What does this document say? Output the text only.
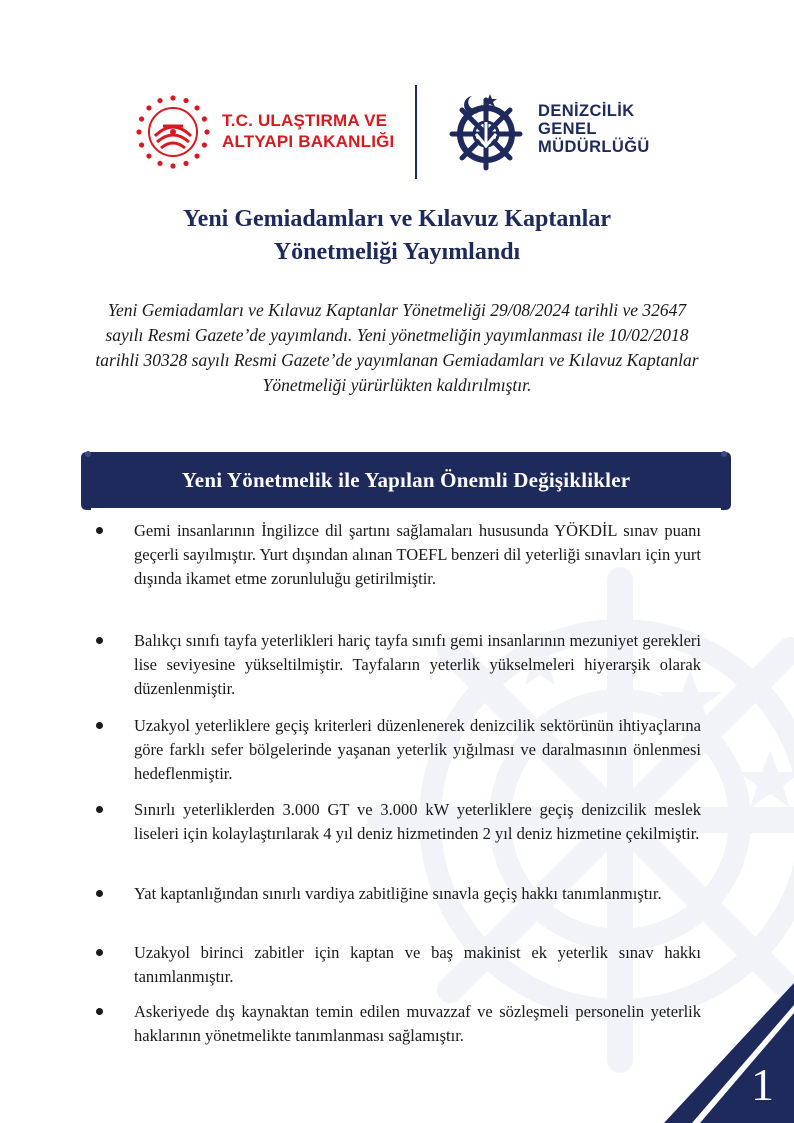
T.C. ULAŞTIRMA VE
ALTYAPI BAKANLIĞI
DENİZCİLİK
GENEL
MÜDÜRLÜĞÜ
Yeni Gemiadamları ve Kılavuz Kaptanlar
Yönetmeliği Yayımlandı
Yeni Gemiadamları ve Kılavuz Kaptanlar Yönetmeliği 29/08/2024 tarihli ve 32647 sayılı Resmi Gazete’de yayımlandı. Yeni yönetmeliğin yayımlanması ile 10/02/2018 tarihli 30328 sayılı Resmi Gazete’de yayımlanan Gemiadamları ve Kılavuz Kaptanlar Yönetmeliği yürürlükten kaldırılmıştır.
Yeni Yönetmelik ile Yapılan Önemli Değişiklikler
Gemi insanlarının İngilizce dil şartını sağlamaları hususunda YÖKDİL sınav puanı geçerli sayılmıştır. Yurt dışından alınan TOEFL benzeri dil yeterliği sınavları için yurt dışında ikamet etme zorunluluğu getirilmiştir.
Balıkçı sınıfı tayfa yeterlikleri hariç tayfa sınıfı gemi insanlarının mezuniyet gerekleri lise seviyesine yükseltilmiştir. Tayfaların yeterlik yükselmeleri hiyerarşik olarak düzenlenmiştir.
Uzakyol yeterliklere geçiş kriterleri düzenlenerek denizcilik sektörünün ihtiyaçlarına göre farklı sefer bölgelerinde yaşanan yeterlik yığılması ve daralmasının önlenmesi hedeflenmiştir.
Sınırlı yeterliklerden 3.000 GT ve 3.000 kW yeterliklere geçiş denizcilik meslek liseleri için kolaylaştırılarak 4 yıl deniz hizmetinden 2 yıl deniz hizmetine çekilmiştir.
Yat kaptanlığından sınırlı vardiya zabitliğine sınavla geçiş hakkı tanımlanmıştır.
Uzakyol birinci zabitler için kaptan ve baş makinist ek yeterlik sınav hakkı tanımlanmıştır.
Askeriyede dış kaynaktan temin edilen muvazzaf ve sözleşmeli personelin yeterlik haklarının yönetmelikte tanımlanması sağlamıştır.
1
